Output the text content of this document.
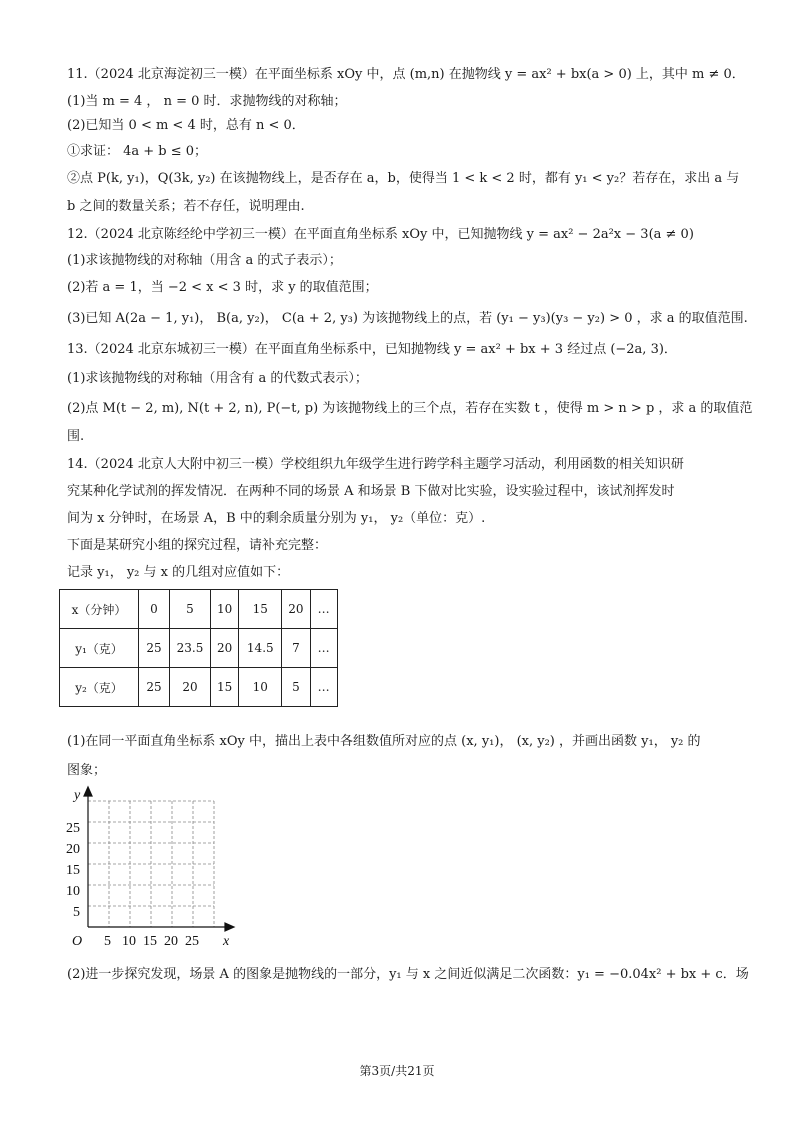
11.（2024 北京海淀初三一模）在平面坐标系 xOy 中，点 (m,n) 在抛物线 y = ax² + bx(a > 0) 上，其中 m ≠ 0．
(1)当 m = 4 ， n = 0 时．求抛物线的对称轴；
(2)已知当 0 < m < 4 时，总有 n < 0．
①求证： 4a + b ≤ 0；
②点 P(k, y₁)，Q(3k, y₂) 在该抛物线上，是否存在 a，b，使得当 1 < k < 2 时，都有 y₁ < y₂？若存在，求出 a 与
b 之间的数量关系；若不存任，说明理由.
12.（2024 北京陈经纶中学初三一模）在平面直角坐标系 xOy 中，已知抛物线 y = ax² − 2a²x − 3(a ≠ 0)
(1)求该抛物线的对称轴（用含 a 的式子表示）；
(2)若 a = 1，当 −2 < x < 3 时，求 y 的取值范围；
(3)已知 A(2a − 1, y₁)， B(a, y₂)， C(a + 2, y₃) 为该抛物线上的点，若 (y₁ − y₃)(y₃ − y₂) > 0 ，求 a 的取值范围.
13.（2024 北京东城初三一模）在平面直角坐标系中，已知抛物线 y = ax² + bx + 3 经过点 (−2a, 3)．
(1)求该抛物线的对称轴（用含有 a 的代数式表示）；
(2)点 M(t − 2, m), N(t + 2, n), P(−t, p) 为该抛物线上的三个点，若存在实数 t ，使得 m > n > p ，求 a 的取值范
围.
14.（2024 北京人大附中初三一模）学校组织九年级学生进行跨学科主题学习活动，利用函数的相关知识研
究某种化学试剂的挥发情况．在两种不同的场景 A 和场景 B 下做对比实验，设实验过程中，该试剂挥发时
间为 x 分钟时，在场景 A，B 中的剩余质量分别为 y₁， y₂（单位：克）.
下面是某研究小组的探究过程，请补充完整：
记录 y₁， y₂ 与 x 的几组对应值如下：
x（分钟）	0	5	10	15	20	…
y₁（克）	25	23.5	20	14.5	7	…
y₂（克）	25	20	15	10	5	…
(1)在同一平面直角坐标系 xOy 中，描出上表中各组数值所对应的点 (x, y₁)， (x, y₂) ，并画出函数 y₁， y₂ 的
图象；
y
x
O
25
20
15
10
5
5 10 15 20 25
(2)进一步探究发现，场景 A 的图象是抛物线的一部分，y₁ 与 x 之间近似满足二次函数：y₁ = −0.04x² + bx + c．场
第3页/共21页
